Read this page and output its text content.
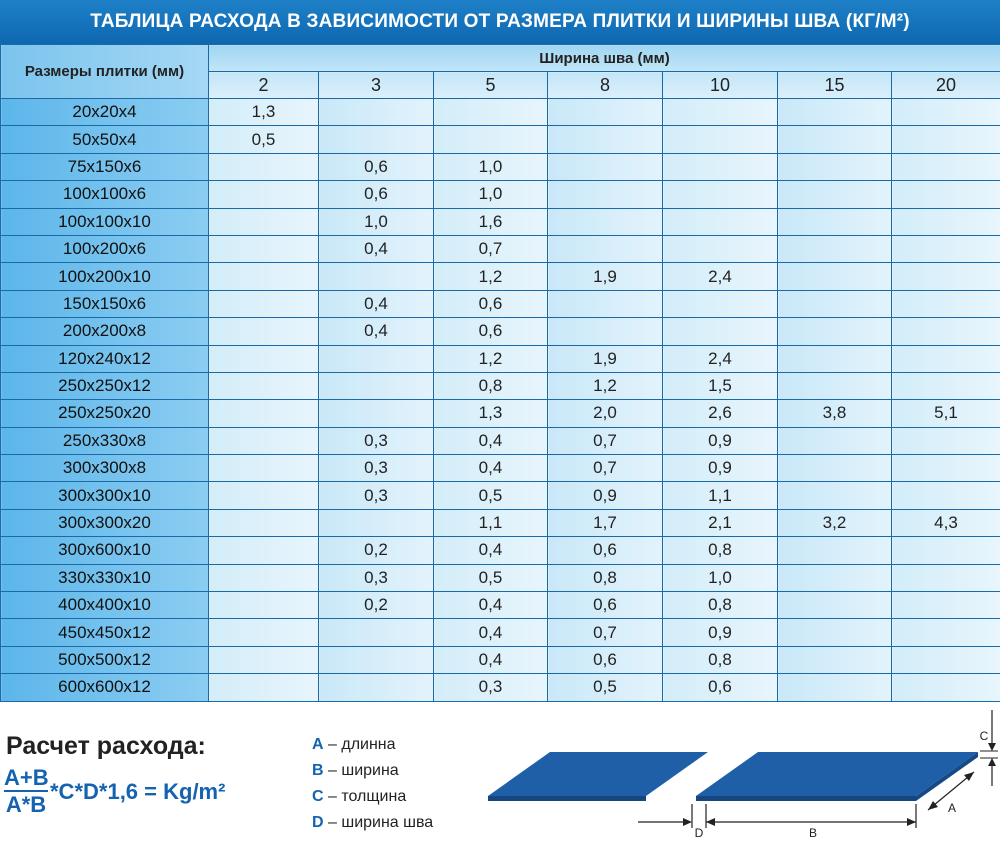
ТАБЛИЦА РАСХОДА В ЗАВИСИМОСТИ ОТ РАЗМЕРА ПЛИТКИ И ШИРИНЫ ШВА (КГ/М²)
Размеры плитки (мм)	Ширина шва (мм)						
	2	3	5	8	10	15	20
20x20x4	1,3						
50x50x4	0,5						
75x150x6		0,6	1,0				
100x100x6		0,6	1,0				
100x100x10		1,0	1,6				
100x200x6		0,4	0,7				
100x200x10			1,2	1,9	2,4		
150x150x6		0,4	0,6				
200x200x8		0,4	0,6				
120x240x12			1,2	1,9	2,4		
250x250x12			0,8	1,2	1,5		
250x250x20			1,3	2,0	2,6	3,8	5,1
250x330x8		0,3	0,4	0,7	0,9		
300x300x8		0,3	0,4	0,7	0,9		
300x300x10		0,3	0,5	0,9	1,1		
300x300x20			1,1	1,7	2,1	3,2	4,3
300x600x10		0,2	0,4	0,6	0,8		
330x330x10		0,3	0,5	0,8	1,0		
400x400x10		0,2	0,4	0,6	0,8		
450x450x12			0,4	0,7	0,9		
500x500x12			0,4	0,6	0,8		
600x600x12			0,3	0,5	0,6		
Расчет расхода:
$\frac{A+B}{A*B} *C*D*1,6 = Kg/m^2$
A – длинна
B – ширина
C – толщина
D – ширина шва
D	B
A
C
